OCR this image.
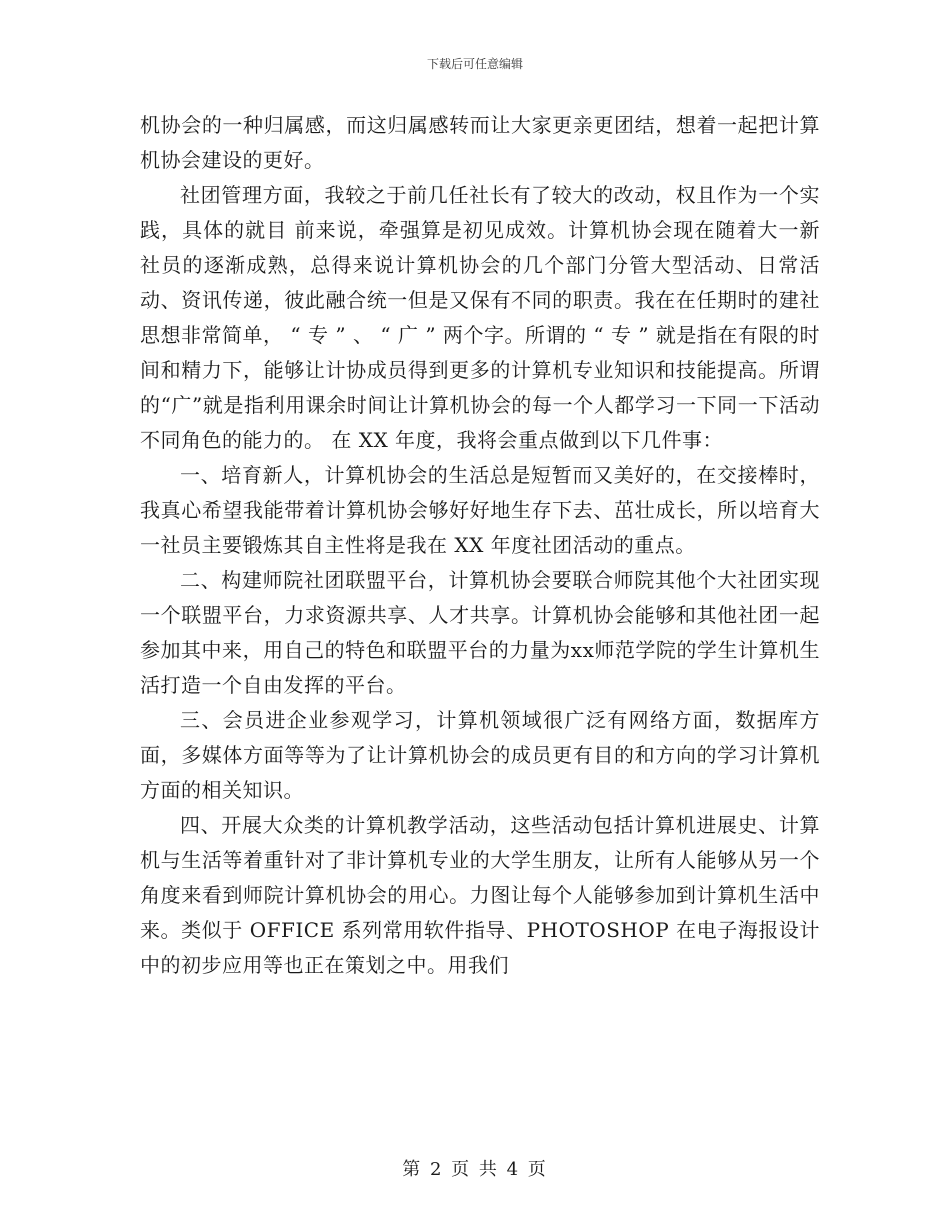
下载后可任意编辑

机协会的一种归属感，而这归属感转而让大家更亲更团结，想着一起把计算机协会建设的更好。

社团管理方面，我较之于前几任社长有了较大的改动，权且作为一个实践，具体的就目 前来说，牵强算是初见成效。计算机协会现在随着大一新社员的逐渐成熟，总得来说计算机协会的几个部门分管大型活动、日常活动、资讯传递，彼此融合统一但是又保有不同的职责。我在在任期时的建社思想非常简单， “ 专 ” 、 “ 广 ” 两个字。所谓的 “ 专 ” 就是指在有限的时间和精力下，能够让计协成员得到更多的计算机专业知识和技能提高。所谓的“广”就是指利用课余时间让计算机协会的每一个人都学习一下同一下活动不同角色的能力的。 在 XX 年度，我将会重点做到以下几件事：

一、培育新人，计算机协会的生活总是短暂而又美好的，在交接棒时，我真心希望我能带着计算机协会够好好地生存下去、茁壮成长，所以培育大一社员主要锻炼其自主性将是我在 XX 年度社团活动的重点。

二、构建师院社团联盟平台，计算机协会要联合师院其他个大社团实现一个联盟平台，力求资源共享、人才共享。计算机协会能够和其他社团一起参加其中来，用自己的特色和联盟平台的力量为xx师范学院的学生计算机生活打造一个自由发挥的平台。

三、会员进企业参观学习，计算机领域很广泛有网络方面，数据库方面，多媒体方面等等为了让计算机协会的成员更有目的和方向的学习计算机方面的相关知识。

四、开展大众类的计算机教学活动，这些活动包括计算机进展史、计算机与生活等着重针对了非计算机专业的大学生朋友，让所有人能够从另一个角度来看到师院计算机协会的用心。力图让每个人能够参加到计算机生活中来。类似于 OFFICE 系列常用软件指导、PHOTOSHOP 在电子海报设计中的初步应用等也正在策划之中。用我们

第 2 页 共 4 页
